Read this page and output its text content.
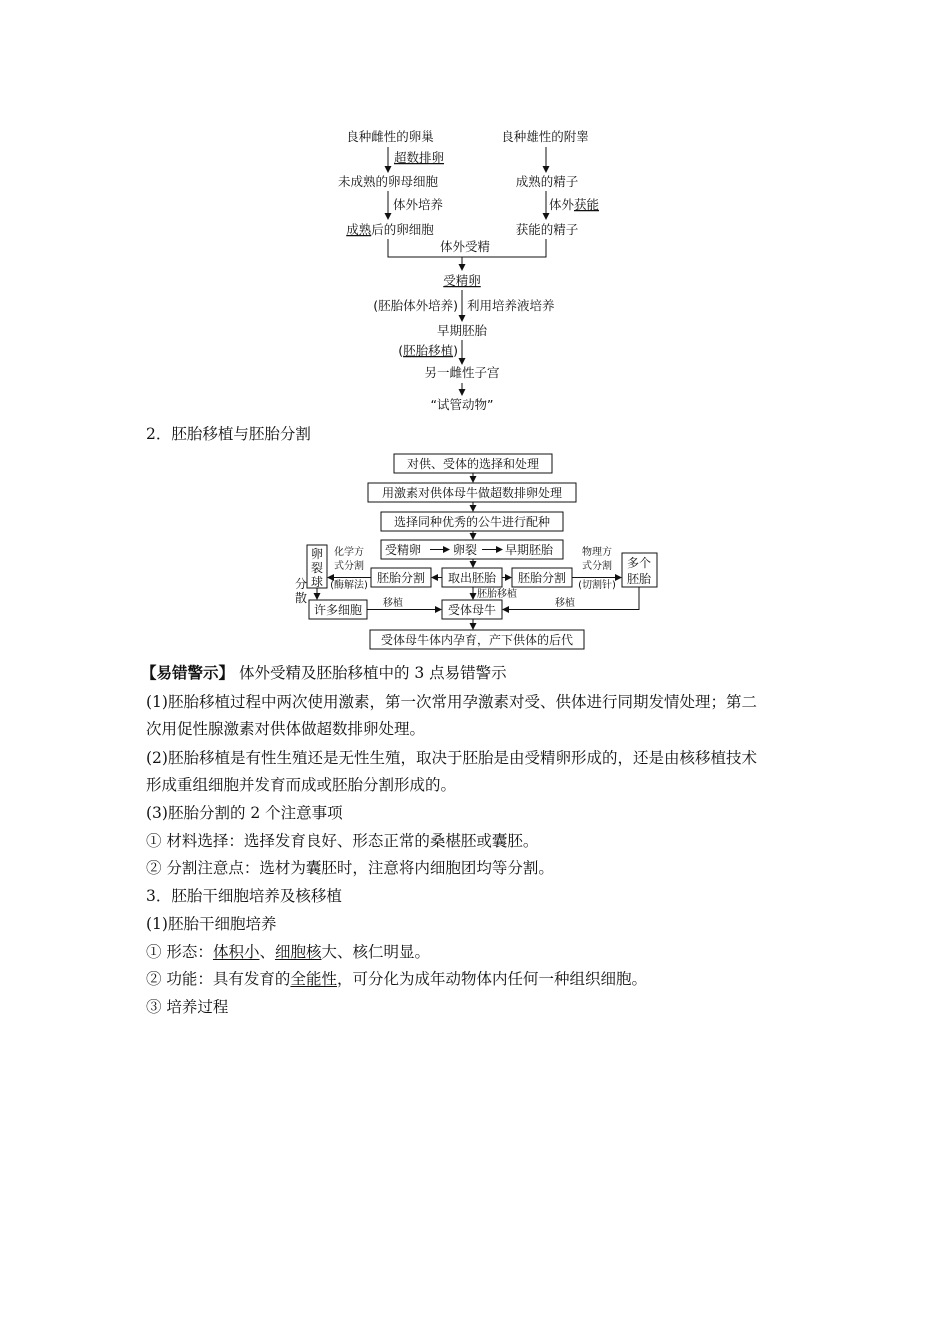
良种雌性的卵巢	良种雄性的附睾
超数排卵
未成熟的卵母细胞	成熟的精子
体外培养	体外获能
成熟后的卵细胞	获能的精子
体外受精
受精卵
(胚胎体外培养) 利用培养液培养
早期胚胎
(胚胎移植)
另一雌性子宫
“试管动物”
2．胚胎移植与胚胎分割
对供、受体的选择和处理
用激素对供体母牛做超数排卵处理
选择同种优秀的公牛进行配种
受精卵	卵裂 早期胚胎
胚胎分割 取出胚胎 胚胎分割
卵
裂
球
化学方
式分割
(酶解法)
物理方
式分割
(切割针)
多个
胚胎
分
散
许多细胞 移植	移植
胚胎移植
受体母牛
受体母牛体内孕育，产下供体的后代
【易错警示】 体外受精及胚胎移植中的 3 点易错警示
(1)胚胎移植过程中两次使用激素，第一次常用孕激素对受、供体进行同期发情处理；第二
次用促性腺激素对供体做超数排卵处理。
(2)胚胎移植是有性生殖还是无性生殖，取决于胚胎是由受精卵形成的，还是由核移植技术
形成重组细胞并发育而成或胚胎分割形成的。
(3)胚胎分割的 2 个注意事项
① 材料选择：选择发育良好、形态正常的桑椹胚或囊胚。
② 分割注意点：选材为囊胚时，注意将内细胞团均等分割。
3．胚胎干细胞培养及核移植
(1)胚胎干细胞培养
① 形态：体积小、细胞核大、核仁明显。
② 功能：具有发育的全能性，可分化为成年动物体内任何一种组织细胞。
③ 培养过程
